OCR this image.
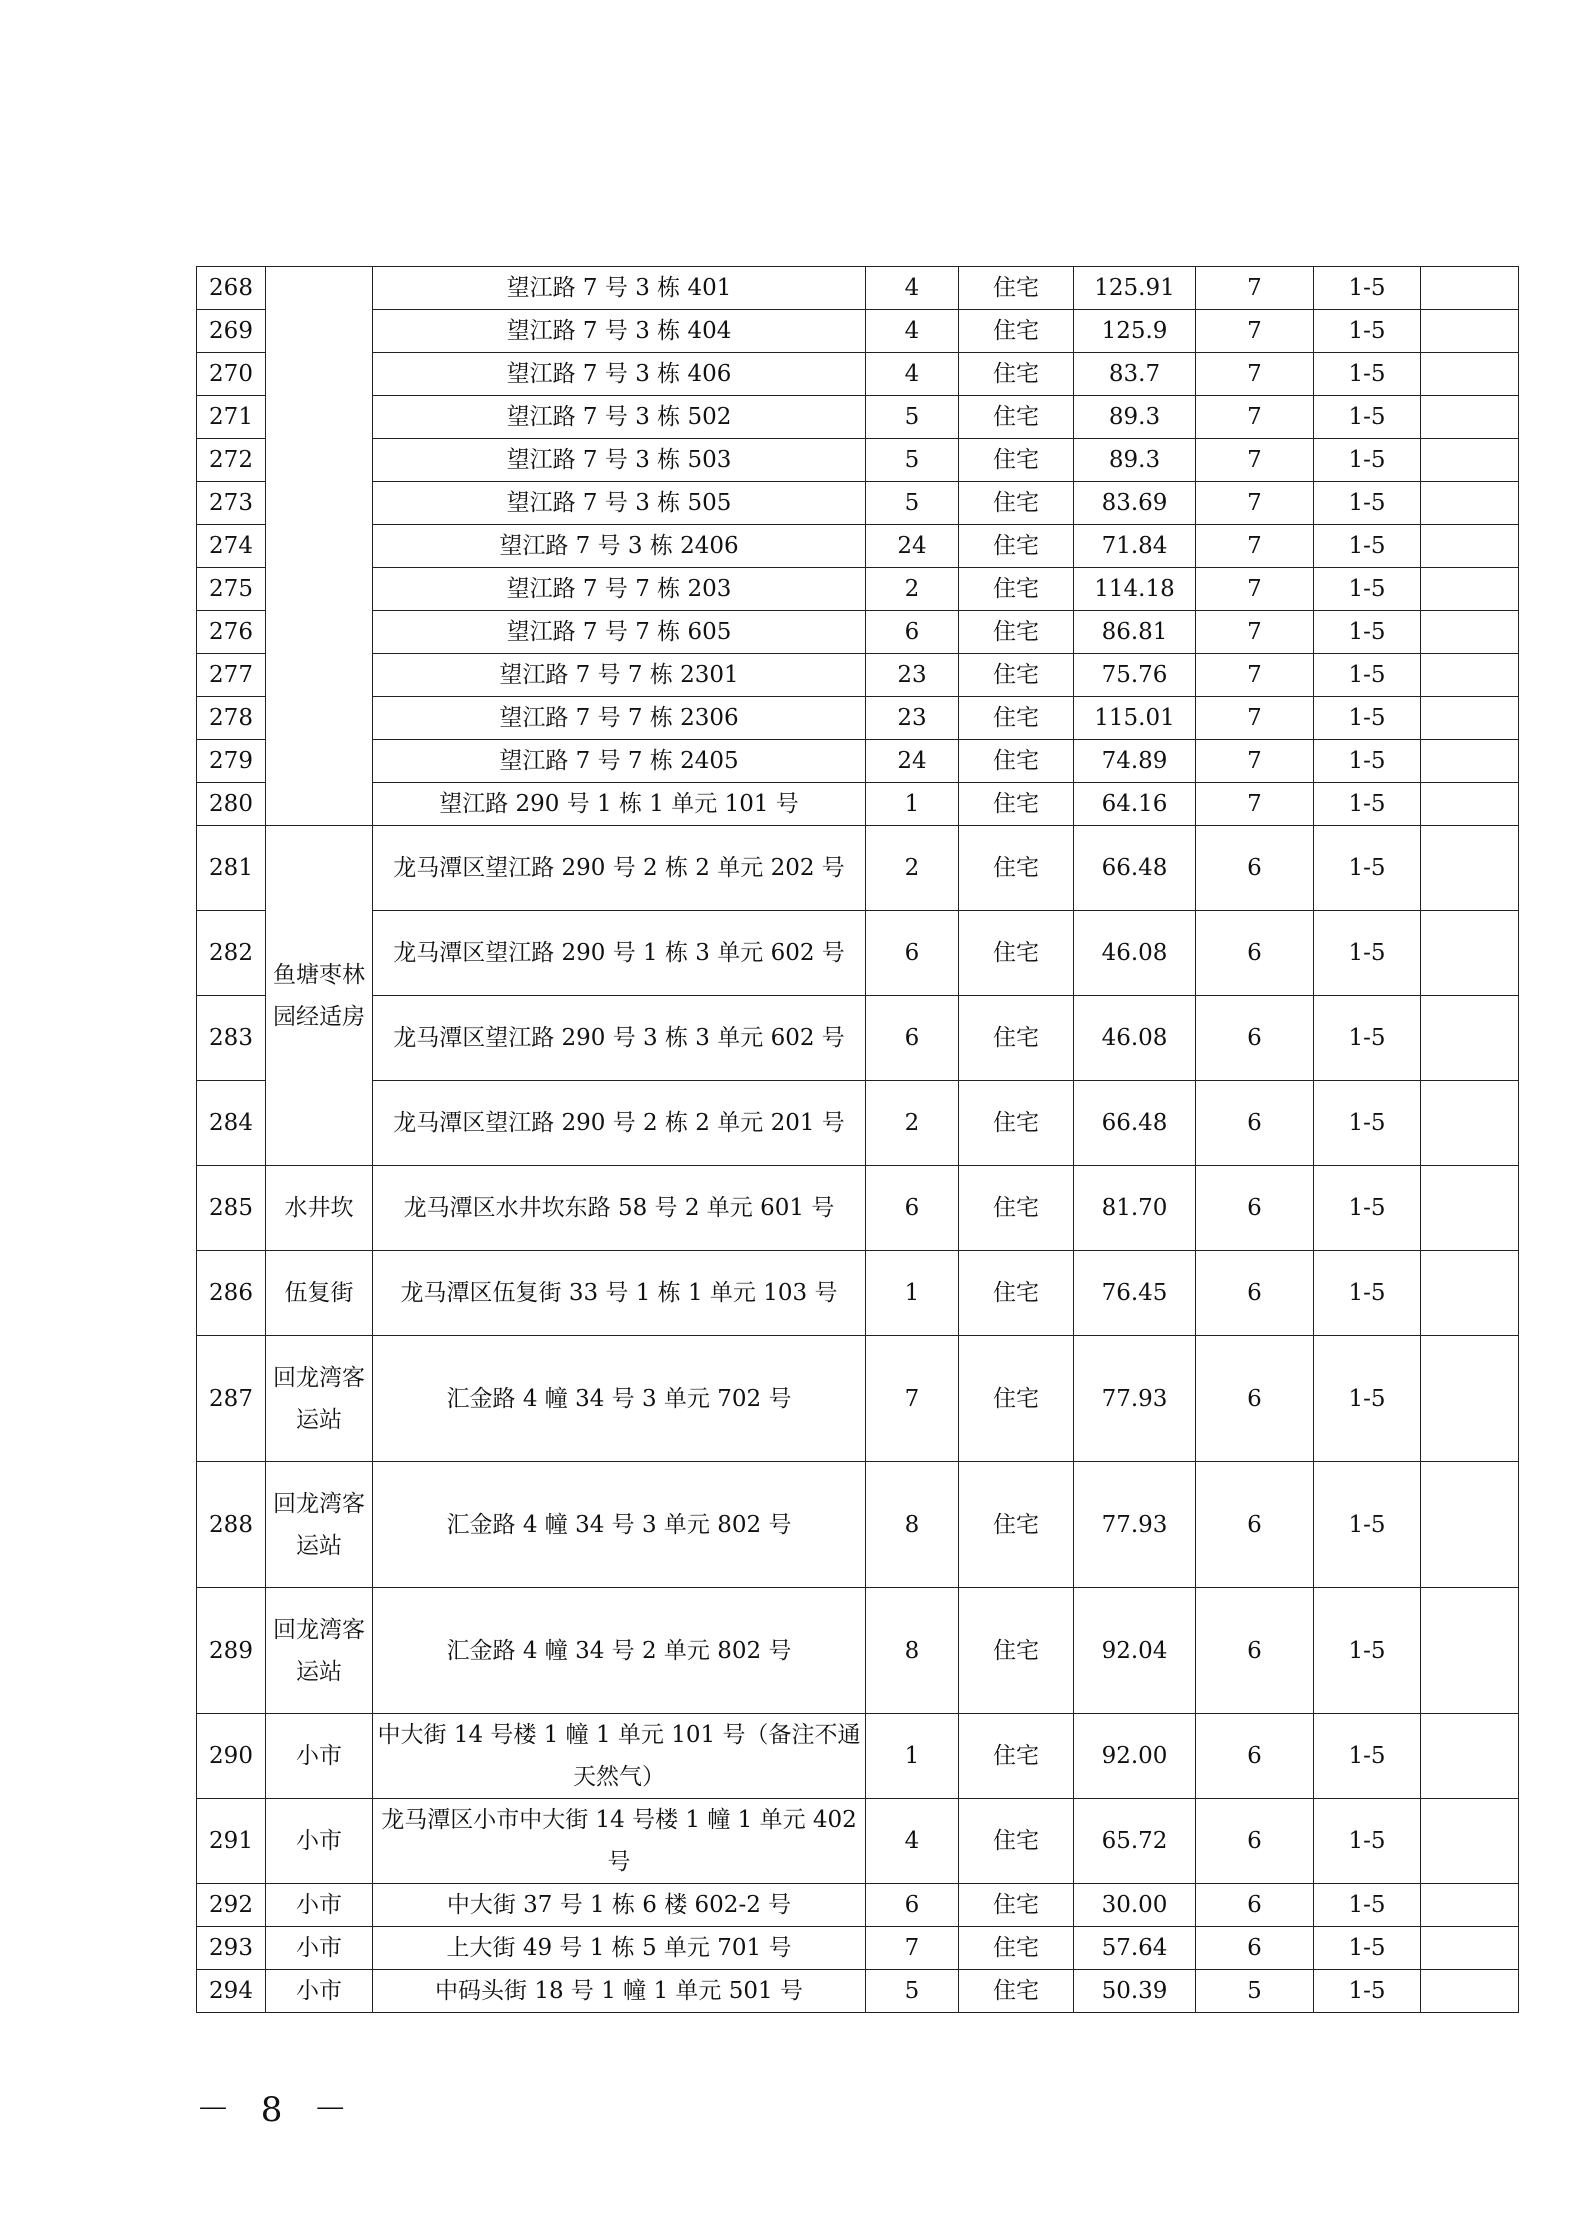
268		望江路 7 号 3 栋 401	4	住宅	125.91	7	1-5	
269		望江路 7 号 3 栋 404	4	住宅	125.9	7	1-5	
270		望江路 7 号 3 栋 406	4	住宅	83.7	7	1-5	
271		望江路 7 号 3 栋 502	5	住宅	89.3	7	1-5	
272		望江路 7 号 3 栋 503	5	住宅	89.3	7	1-5	
273		望江路 7 号 3 栋 505	5	住宅	83.69	7	1-5	
274		望江路 7 号 3 栋 2406	24	住宅	71.84	7	1-5	
275		望江路 7 号 7 栋 203	2	住宅	114.18	7	1-5	
276		望江路 7 号 7 栋 605	6	住宅	86.81	7	1-5	
277		望江路 7 号 7 栋 2301	23	住宅	75.76	7	1-5	
278		望江路 7 号 7 栋 2306	23	住宅	115.01	7	1-5	
279		望江路 7 号 7 栋 2405	24	住宅	74.89	7	1-5	
280		望江路 290 号 1 栋 1 单元 101 号	1	住宅	64.16	7	1-5	
281	鱼塘枣林园经适房	龙马潭区望江路 290 号 2 栋 2 单元 202 号	2	住宅	66.48	6	1-5	
282		龙马潭区望江路 290 号 1 栋 3 单元 602 号	6	住宅	46.08	6	1-5	
283		龙马潭区望江路 290 号 3 栋 3 单元 602 号	6	住宅	46.08	6	1-5	
284		龙马潭区望江路 290 号 2 栋 2 单元 201 号	2	住宅	66.48	6	1-5	
285	水井坎	龙马潭区水井坎东路 58 号 2 单元 601 号	6	住宅	81.70	6	1-5	
286	伍复街	龙马潭区伍复街 33 号 1 栋 1 单元 103 号	1	住宅	76.45	6	1-5	
287	回龙湾客运站	汇金路 4 幢 34 号 3 单元 702 号	7	住宅	77.93	6	1-5	
288	回龙湾客运站	汇金路 4 幢 34 号 3 单元 802 号	8	住宅	77.93	6	1-5	
289	回龙湾客运站	汇金路 4 幢 34 号 2 单元 802 号	8	住宅	92.04	6	1-5	
290	小市	中大街 14 号楼 1 幢 1 单元 101 号（备注不通天然气）	1	住宅	92.00	6	1-5	
291	小市	龙马潭区小市中大街 14 号楼 1 幢 1 单元 402 号	4	住宅	65.72	6	1-5	
292	小市	中大街 37 号 1 栋 6 楼 602-2 号	6	住宅	30.00	6	1-5	
293	小市	上大街 49 号 1 栋 5 单元 701 号	7	住宅	57.64	6	1-5	
294	小市	中码头街 18 号 1 幢 1 单元 501 号	5	住宅	50.39	5	1-5	
－ 8 －
